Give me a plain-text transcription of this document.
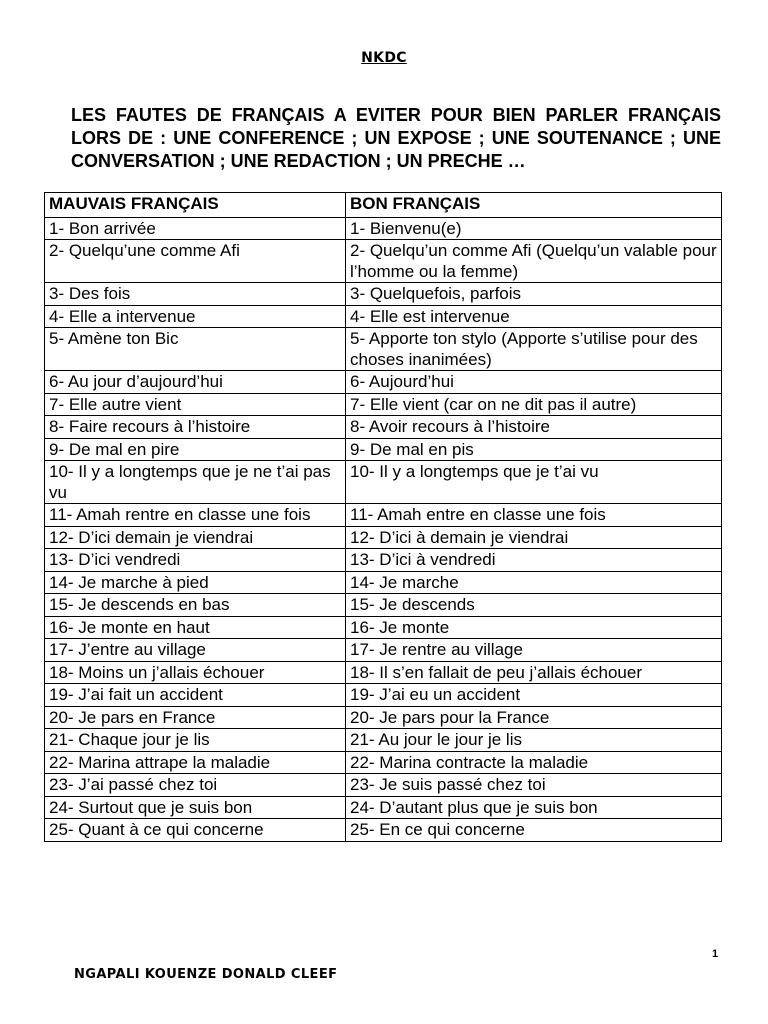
NKDC
LES FAUTES DE FRANÇAIS A EVITER POUR BIEN PARLER FRANÇAIS LORS DE : UNE CONFERENCE ; UN EXPOSE ; UNE SOUTENANCE ; UNE CONVERSATION ; UNE REDACTION ; UN PRECHE …
MAUVAIS FRANÇAIS	BON FRANÇAIS
1- Bon arrivée	1- Bienvenu(e)
2- Quelqu’une comme Afi	2- Quelqu’un comme Afi (Quelqu’un valable pour l’homme ou la femme)
3- Des fois	3- Quelquefois, parfois
4- Elle a intervenue	4- Elle est intervenue
5- Amène ton Bic	5- Apporte ton stylo (Apporte s’utilise pour des choses inanimées)
6- Au jour d’aujourd’hui	6- Aujourd’hui
7- Elle autre vient	7- Elle vient (car on ne dit pas il autre)
8- Faire recours à l’histoire	8- Avoir recours à l’histoire
9- De mal en pire	9- De mal en pis
10- Il y a longtemps que je ne t’ai pas vu	10- Il y a longtemps que je t’ai vu
11- Amah rentre en classe une fois	11- Amah entre en classe une fois
12- D’ici demain je viendrai	12- D’ici à demain je viendrai
13- D’ici vendredi	13- D’ici à vendredi
14- Je marche à pied	14- Je marche
15- Je descends en bas	15- Je descends
16- Je monte en haut	16- Je monte
17- J’entre au village	17- Je rentre au village
18- Moins un j’allais échouer	18- Il s’en fallait de peu j’allais échouer
19- J’ai fait un accident	19- J’ai eu un accident
20- Je pars en France	20- Je pars pour la France
21- Chaque jour je lis	21- Au jour le jour je lis
22- Marina attrape la maladie	22- Marina contracte la maladie
23- J’ai passé chez toi	23- Je suis passé chez toi
24- Surtout que je suis bon	24- D’autant plus que je suis bon
25- Quant à ce qui concerne	25- En ce qui concerne
1
NGAPALI KOUENZE DONALD CLEEF
